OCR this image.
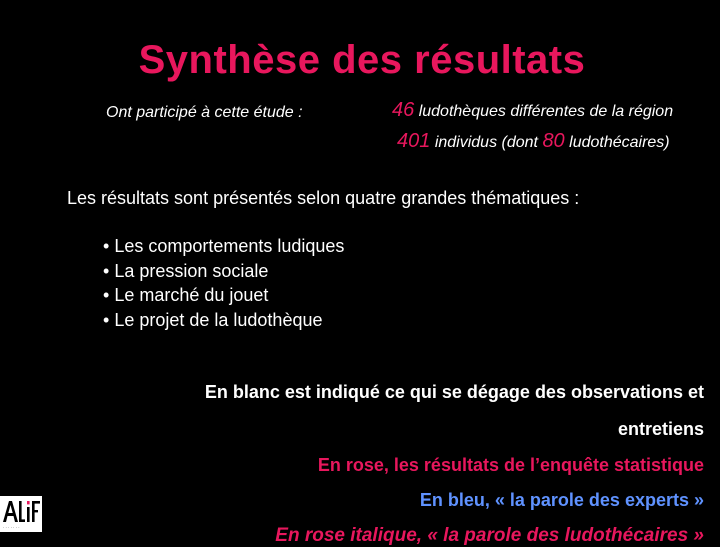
Synthèse des résultats
Ont participé à cette étude :	46 ludothèques différentes de la région
401 individus (dont 80 ludothécaires)
Les résultats sont présentés selon quatre grandes thématiques :
• Les comportements ludiques
• La pression sociale
• Le marché du jouet
• Le projet de la ludothèque
En blanc est indiqué ce qui se dégage des observations et
entretiens
En rose, les résultats de l’enquête statistique
En bleu, « la parole des experts »
En rose italique, « la parole des ludothécaires »
· · · · · · ·
